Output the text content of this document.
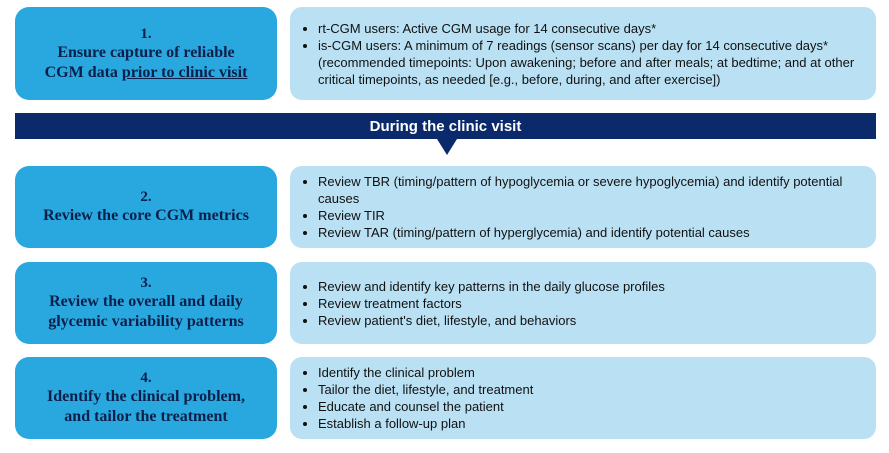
1.
Ensure capture of reliable
CGM data prior to clinic visit
• rt-CGM users: Active CGM usage for 14 consecutive days*
• is-CGM users: A minimum of 7 readings (sensor scans) per day for 14 consecutive days*
(recommended timepoints: Upon awakening; before and after meals; at bedtime; and at other critical timepoints, as needed [e.g., before, during, and after exercise])
During the clinic visit
2.
Review the core CGM metrics
• Review TBR (timing/pattern of hypoglycemia or severe hypoglycemia) and identify potential causes
• Review TIR
• Review TAR (timing/pattern of hyperglycemia) and identify potential causes
3.
Review the overall and daily
glycemic variability patterns
• Review and identify key patterns in the daily glucose profiles
• Review treatment factors
• Review patient's diet, lifestyle, and behaviors
4.
Identify the clinical problem,
and tailor the treatment
• Identify the clinical problem
• Tailor the diet, lifestyle, and treatment
• Educate and counsel the patient
• Establish a follow-up plan
